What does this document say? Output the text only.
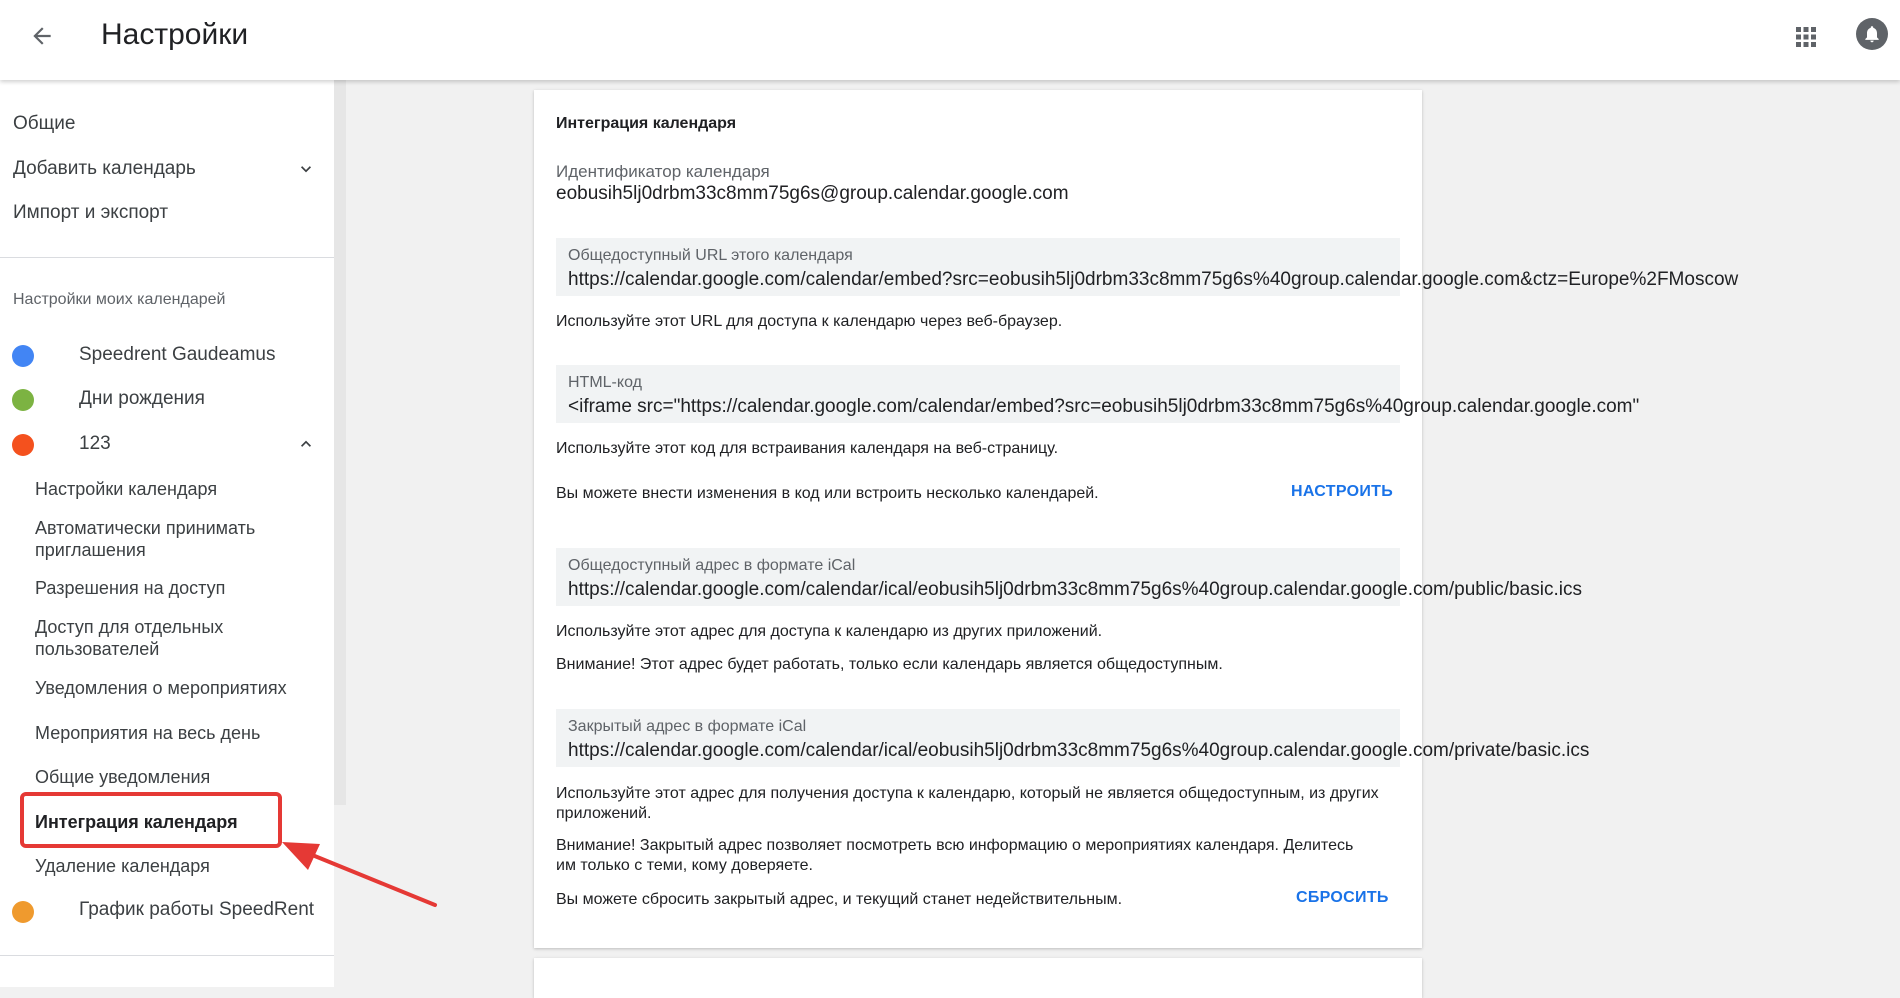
Настройки
Общие
Добавить календарь
Импорт и экспорт
Настройки моих календарей
Speedrent Gaudeamus
Дни рождения
123
Настройки календаря
Автоматически принимать приглашения
Разрешения на доступ
Доступ для отдельных пользователей
Уведомления о мероприятиях
Мероприятия на весь день
Общие уведомления
Интеграция календаря
Удаление календаря
График работы SpeedRent
Интеграция календаря
Идентификатор календаря
eobusih5lj0drbm33c8mm75g6s@group.calendar.google.com
Общедоступный URL этого календаря
https://calendar.google.com/calendar/embed?src=eobusih5lj0drbm33c8mm75g6s%40group.calendar.google.com&ctz=Europe%2FMoscow
Используйте этот URL для доступа к календарю через веб-браузер.
HTML-код
<iframe src="https://calendar.google.com/calendar/embed?src=eobusih5lj0drbm33c8mm75g6s%40group.calendar.google.com"
Используйте этот код для встраивания календаря на веб-страницу.
Вы можете внести изменения в код или встроить несколько календарей.	НАСТРОИТЬ
Общедоступный адрес в формате iCal
https://calendar.google.com/calendar/ical/eobusih5lj0drbm33c8mm75g6s%40group.calendar.google.com/public/basic.ics
Используйте этот адрес для доступа к календарю из других приложений.
Внимание! Этот адрес будет работать, только если календарь является общедоступным.
Закрытый адрес в формате iCal
https://calendar.google.com/calendar/ical/eobusih5lj0drbm33c8mm75g6s%40group.calendar.google.com/private/basic.ics
Используйте этот адрес для получения доступа к календарю, который не является общедоступным, из других приложений.
Внимание! Закрытый адрес позволяет посмотреть всю информацию о мероприятиях календаря. Делитесь им только с теми, кому доверяете.
Вы можете сбросить закрытый адрес, и текущий станет недействительным.	СБРОСИТЬ
